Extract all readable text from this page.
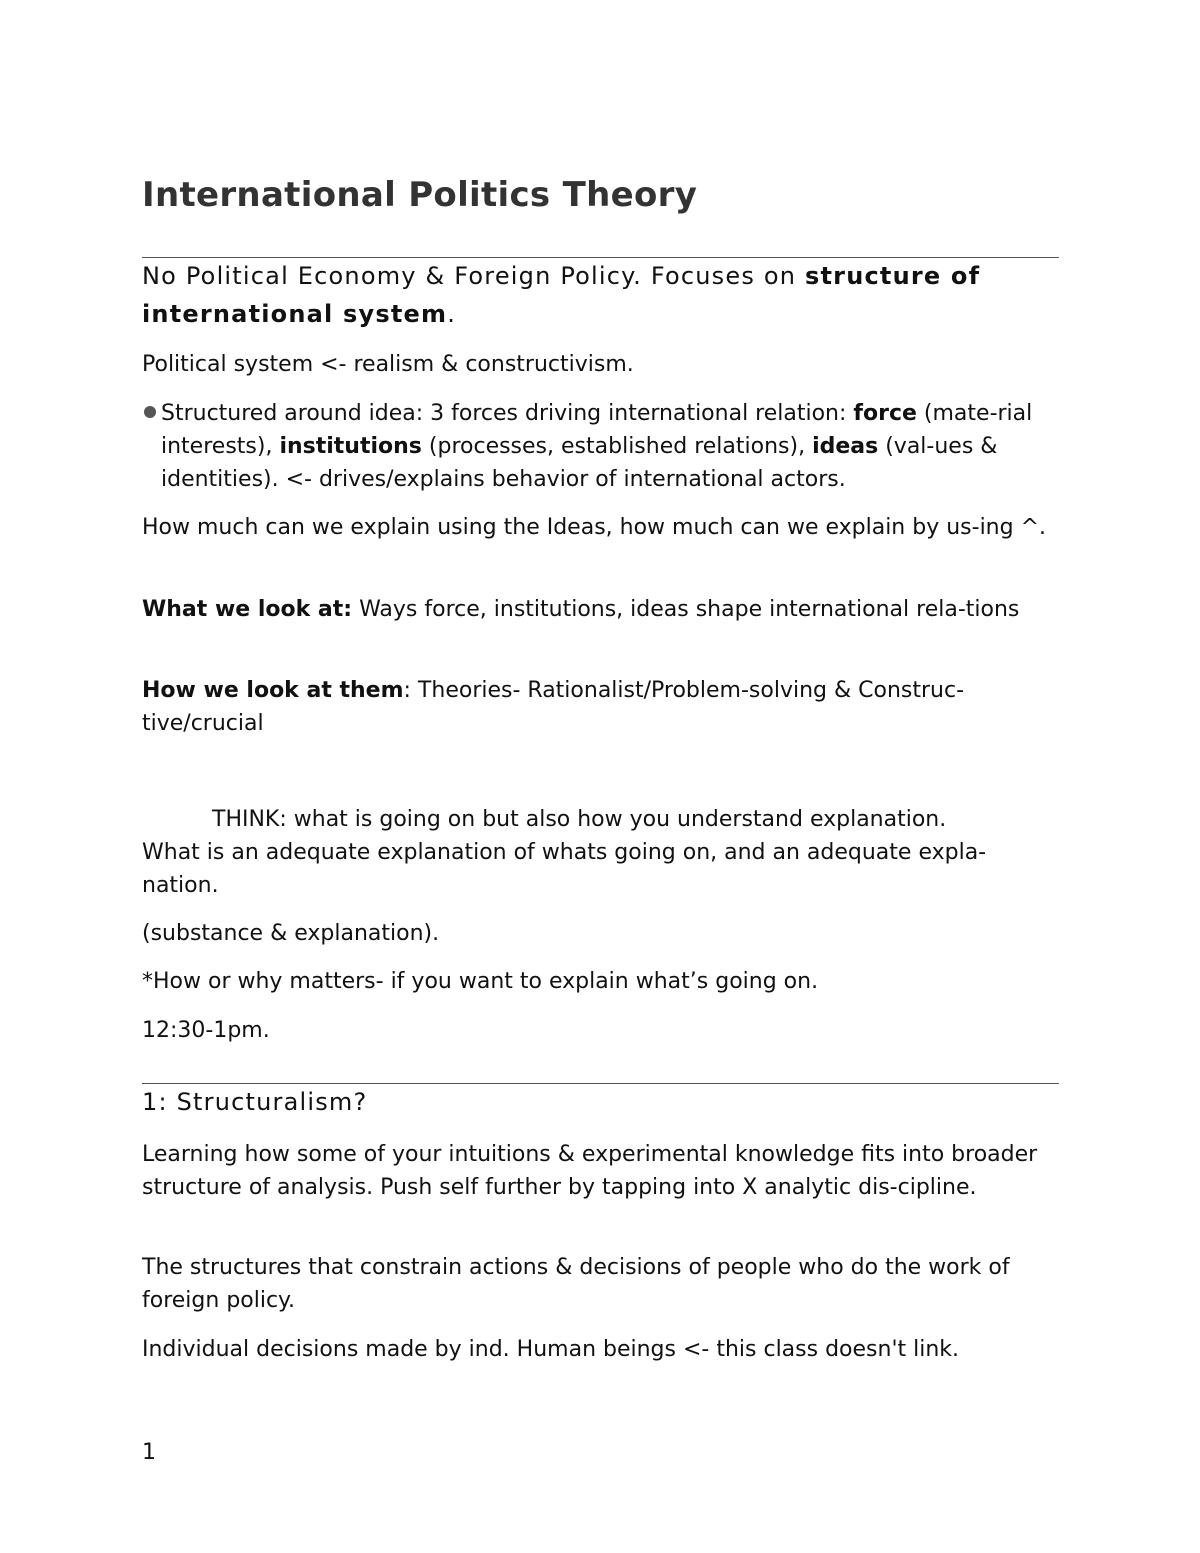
International Politics Theory

No Political Economy & Foreign Policy. Focuses on structure of international system.

Political system <- realism & constructivism.

Structured around idea: 3 forces driving international relation: force (mate-rial interests), institutions (processes, established relations), ideas (val-ues & identities). <- drives/explains behavior of international actors.

How much can we explain using the Ideas, how much can we explain by us-ing ^.

What we look at: Ways force, institutions, ideas shape international rela-tions

How we look at them: Theories- Rationalist/Problem-solving & Construc-tive/crucial

THINK: what is going on but also how you understand explanation.

What is an adequate explanation of whats going on, and an adequate expla-nation.

(substance & explanation).

*How or why matters- if you want to explain what’s going on.

12:30-1pm.

1: Structuralism?

Learning how some of your intuitions & experimental knowledge fits into broader structure of analysis. Push self further by tapping into X analytic dis-cipline.

The structures that constrain actions & decisions of people who do the work of foreign policy.

Individual decisions made by ind. Human beings <- this class doesn't link.

1
